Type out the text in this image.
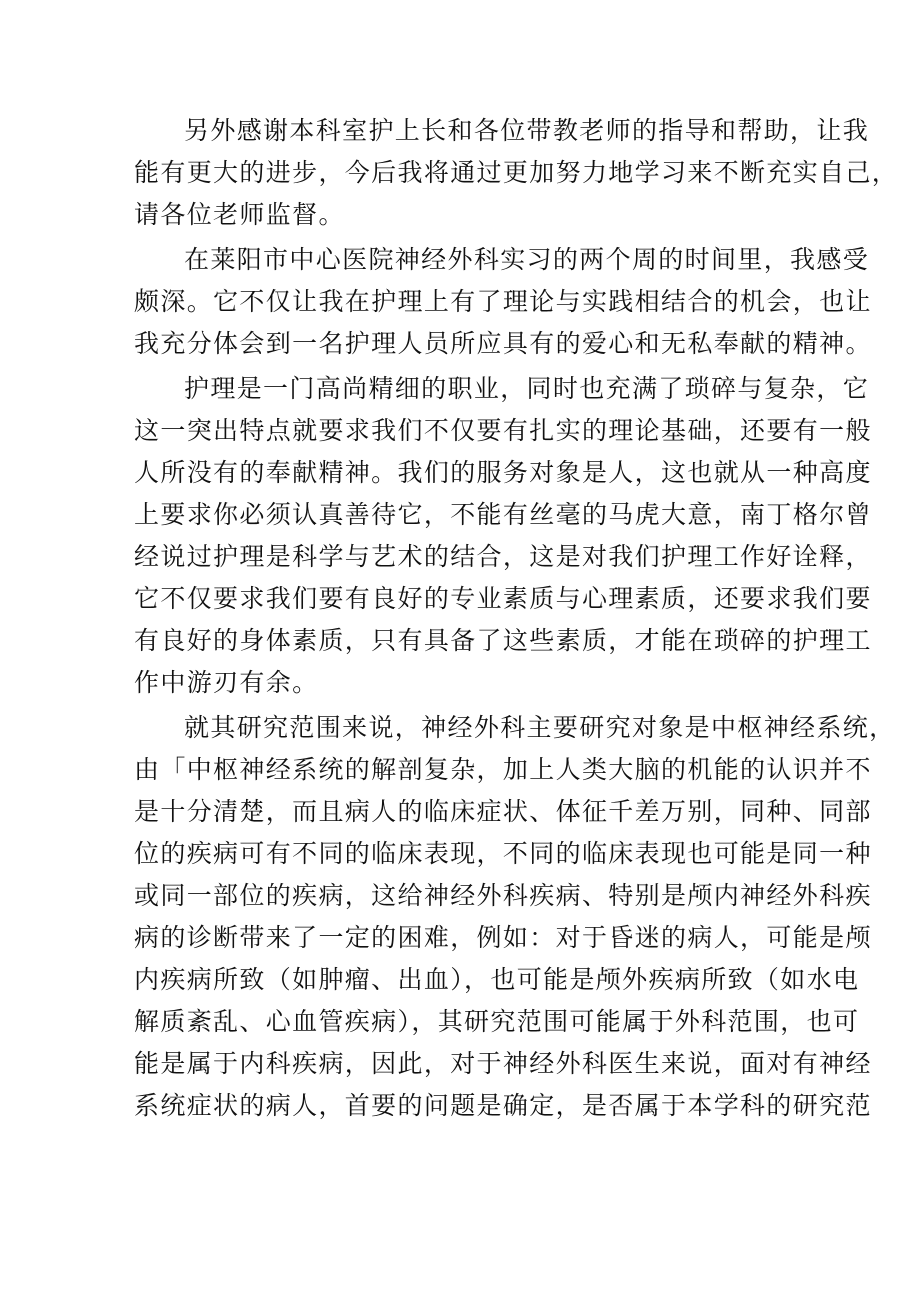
另外感谢本科室护上长和各位带教老师的指导和帮助，让我
能有更大的进步，今后我将通过更加努力地学习来不断充实自己，
请各位老师监督。
在莱阳市中心医院神经外科实习的两个周的时间里，我感受
颇深。它不仅让我在护理上有了理论与实践相结合的机会，也让
我充分体会到一名护理人员所应具有的爱心和无私奉献的精神。
护理是一门高尚精细的职业，同时也充满了琐碎与复杂，它
这一突出特点就要求我们不仅要有扎实的理论基础，还要有一般
人所没有的奉献精神。我们的服务对象是人，这也就从一种高度
上要求你必须认真善待它，不能有丝毫的马虎大意，南丁格尔曾
经说过护理是科学与艺术的结合，这是对我们护理工作好诠释，
它不仅要求我们要有良好的专业素质与心理素质，还要求我们要
有良好的身体素质，只有具备了这些素质，才能在琐碎的护理工
作中游刃有余。
就其研究范围来说，神经外科主要研究对象是中枢神经系统，
由「中枢神经系统的解剖复杂，加上人类大脑的机能的认识并不
是十分清楚，而且病人的临床症状、体征千差万别，同种、同部
位的疾病可有不同的临床表现，不同的临床表现也可能是同一种
或同一部位的疾病，这给神经外科疾病、特别是颅内神经外科疾
病的诊断带来了一定的困难，例如：对于昏迷的病人，可能是颅
内疾病所致（如肿瘤、出血），也可能是颅外疾病所致（如水电
解质紊乱、心血管疾病），其研究范围可能属于外科范围，也可
能是属于内科疾病，因此，对于神经外科医生来说，面对有神经
系统症状的病人，首要的问题是确定，是否属于本学科的研究范
